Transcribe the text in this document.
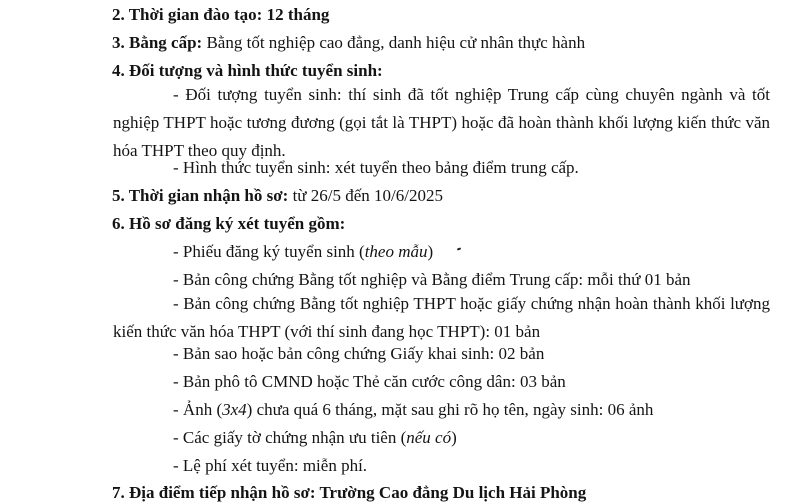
2. Thời gian đào tạo: 12 tháng
3. Bằng cấp: Bằng tốt nghiệp cao đẳng, danh hiệu cử nhân thực hành
4. Đối tượng và hình thức tuyển sinh:
- Đối tượng tuyển sinh: thí sinh đã tốt nghiệp Trung cấp cùng chuyên ngành và tốt nghiệp THPT hoặc tương đương (gọi tắt là THPT) hoặc đã hoàn thành khối lượng kiến thức văn hóa THPT theo quy định.
- Hình thức tuyển sinh: xét tuyển theo bảng điểm trung cấp.
5. Thời gian nhận hồ sơ: từ 26/5 đến 10/6/2025
6. Hồ sơ đăng ký xét tuyển gồm:
- Phiếu đăng ký tuyển sinh (theo mẫu)
- Bản công chứng Bằng tốt nghiệp và Bằng điểm Trung cấp: mỗi thứ 01 bản
- Bản công chứng Bằng tốt nghiệp THPT hoặc giấy chứng nhận hoàn thành khối lượng kiến thức văn hóa THPT (với thí sinh đang học THPT): 01 bản
- Bản sao hoặc bản công chứng Giấy khai sinh: 02 bản
- Bản phô tô CMND hoặc Thẻ căn cước công dân: 03 bản
- Ảnh (3x4) chưa quá 6 tháng, mặt sau ghi rõ họ tên, ngày sinh: 06 ảnh
- Các giấy tờ chứng nhận ưu tiên (nếu có)
- Lệ phí xét tuyển: miễn phí.
7. Địa điểm tiếp nhận hồ sơ: Trường Cao đẳng Du lịch Hải Phòng
